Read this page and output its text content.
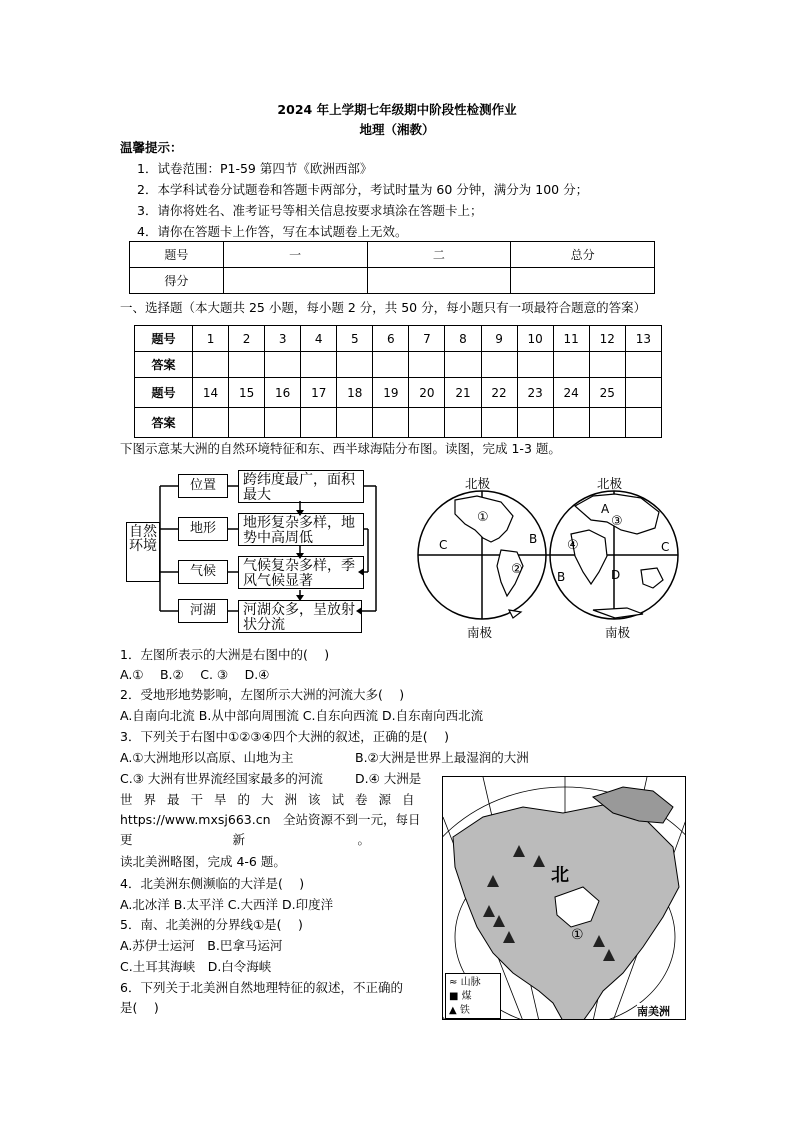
2024 年上学期七年级期中阶段性检测作业
地理（湘教）
温馨提示：
1．试卷范围：P1-59 第四节《欧洲西部》
2．本学科试卷分试题卷和答题卡两部分，考试时量为 60 分钟，满分为 100 分；
3．请你将姓名、准考证号等相关信息按要求填涂在答题卡上；
4．请你在答题卡上作答，写在本试题卷上无效。
题号	一	二	总分
得分			
一、选择题（本大题共 25 小题，每小题 2 分，共 50 分，每小题只有一项最符合题意的答案）
题号	1	2	3	4	5	6	7	8	9	10	11	12	13
答案													
题号	14	15	16	17	18	19	20	21	22	23	24	25	
答案													
下图示意某大洲的自然环境特征和东、西半球海陆分布图。读图，完成 1-3 题。
自然环境
位置
地形
气候
河湖
跨纬度最广，面积最大
地形复杂多样，地势中高周低
气候复杂多样，季风气候显著
河湖众多，呈放射状分流
北极	北极
南极	南极
①
②
③
④
C	B
A
B	D
C
1．左图所表示的大洲是右图中的(　 )
A.①　 B.②　 C. ③　 D.④
2．受地形地势影响，左图所示大洲的河流大多(　 )
A.自南向北流 B.从中部向周围流 C.自东向西流 D.自东南向西北流
3．下列关于右图中①②③④四个大洲的叙述，正确的是(　 )
A.①大洲地形以高原、山地为主	B.②大洲是世界上最湿润的大洲
C.③ 大洲有世界流经国家最多的河流	D.④ 大洲是
世界最干旱的大洲该试卷源自
https://www.mxsj663.cn　全站资源不到一元，每日
更　　　　　　　　新　　　　　　　　　。
读北美洲略图，完成 4-6 题。
4．北美洲东侧濒临的大洋是(　 )
A.北冰洋 B.太平洋 C.大西洋 D.印度洋
5．南、北美洲的分界线①是(　 )
A.苏伊士运河　B.巴拿马运河
C.土耳其海峡　D.白令海峡
6．下列关于北美洲自然地理特征的叙述，不正确的
是(　 )
北
①
≈ 山脉
■ 煤
▲ 铁	南美洲
